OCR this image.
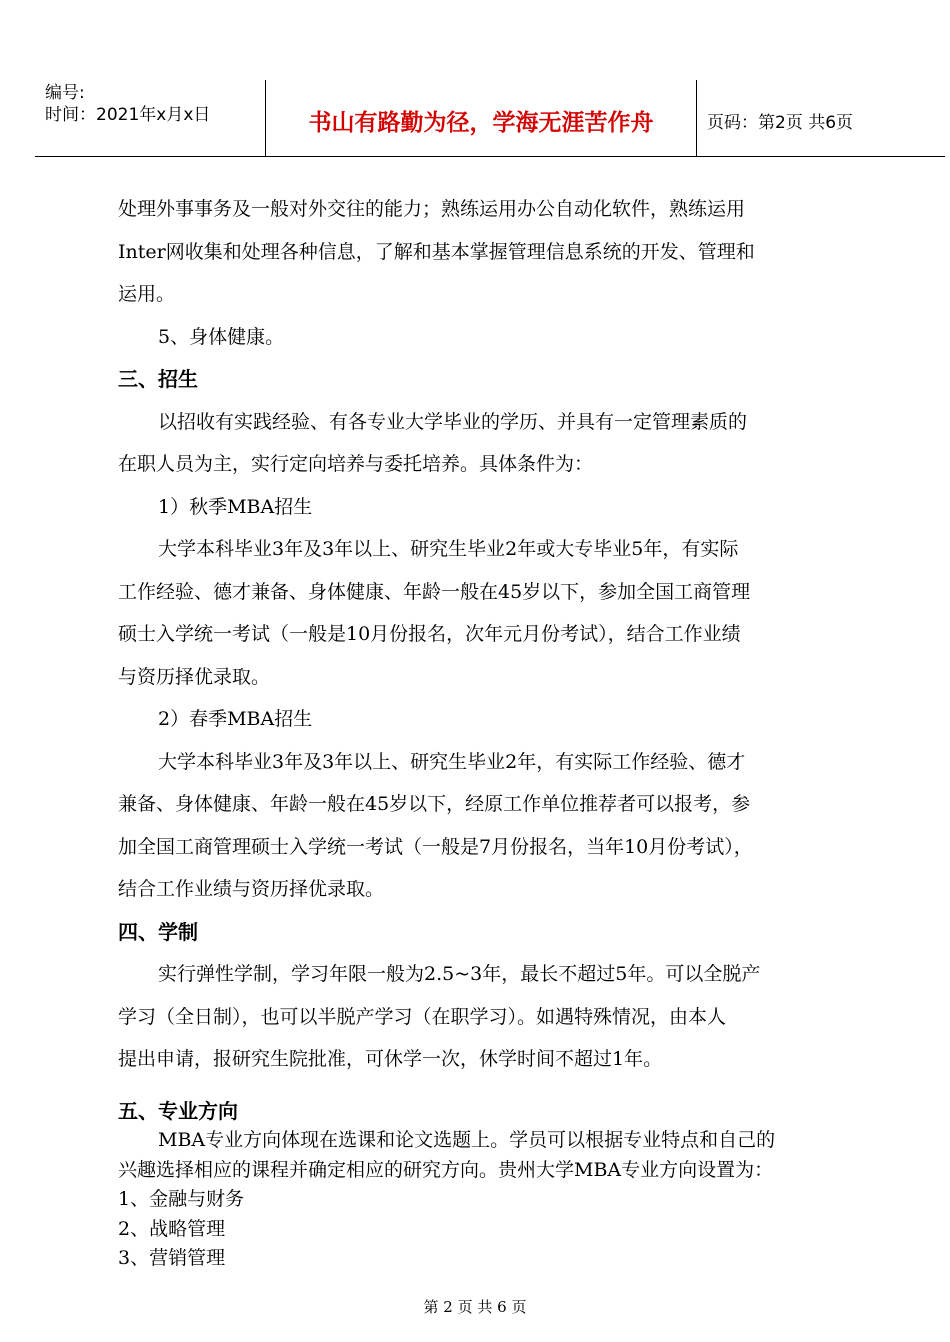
编号:
时间：2021年x月x日	书山有路勤为径，学海无涯苦作舟	页码：第2页 共6页

处理外事事务及一般对外交往的能力；熟练运用办公自动化软件，熟练运用

Inter网收集和处理各种信息，了解和基本掌握管理信息系统的开发、管理和

运用。

5、身体健康。

三、招生

以招收有实践经验、有各专业大学毕业的学历、并具有一定管理素质的

在职人员为主，实行定向培养与委托培养。具体条件为：

1）秋季MBA招生

大学本科毕业3年及3年以上、研究生毕业2年或大专毕业5年，有实际

工作经验、德才兼备、身体健康、年龄一般在45岁以下，参加全国工商管理

硕士入学统一考试（一般是10月份报名，次年元月份考试），结合工作业绩

与资历择优录取。

2）春季MBA招生

大学本科毕业3年及3年以上、研究生毕业2年，有实际工作经验、德才

兼备、身体健康、年龄一般在45岁以下，经原工作单位推荐者可以报考，参

加全国工商管理硕士入学统一考试（一般是7月份报名，当年10月份考试），

结合工作业绩与资历择优录取。

四、学制

实行弹性学制，学习年限一般为2.5~3年，最长不超过5年。可以全脱产

学习（全日制），也可以半脱产学习（在职学习）。如遇特殊情况，由本人

提出申请，报研究生院批准，可休学一次，休学时间不超过1年。

五、专业方向

MBA专业方向体现在选课和论文选题上。学员可以根据专业特点和自己的

兴趣选择相应的课程并确定相应的研究方向。贵州大学MBA专业方向设置为：

1、金融与财务

2、战略管理

3、营销管理

第 2 页 共 6 页
